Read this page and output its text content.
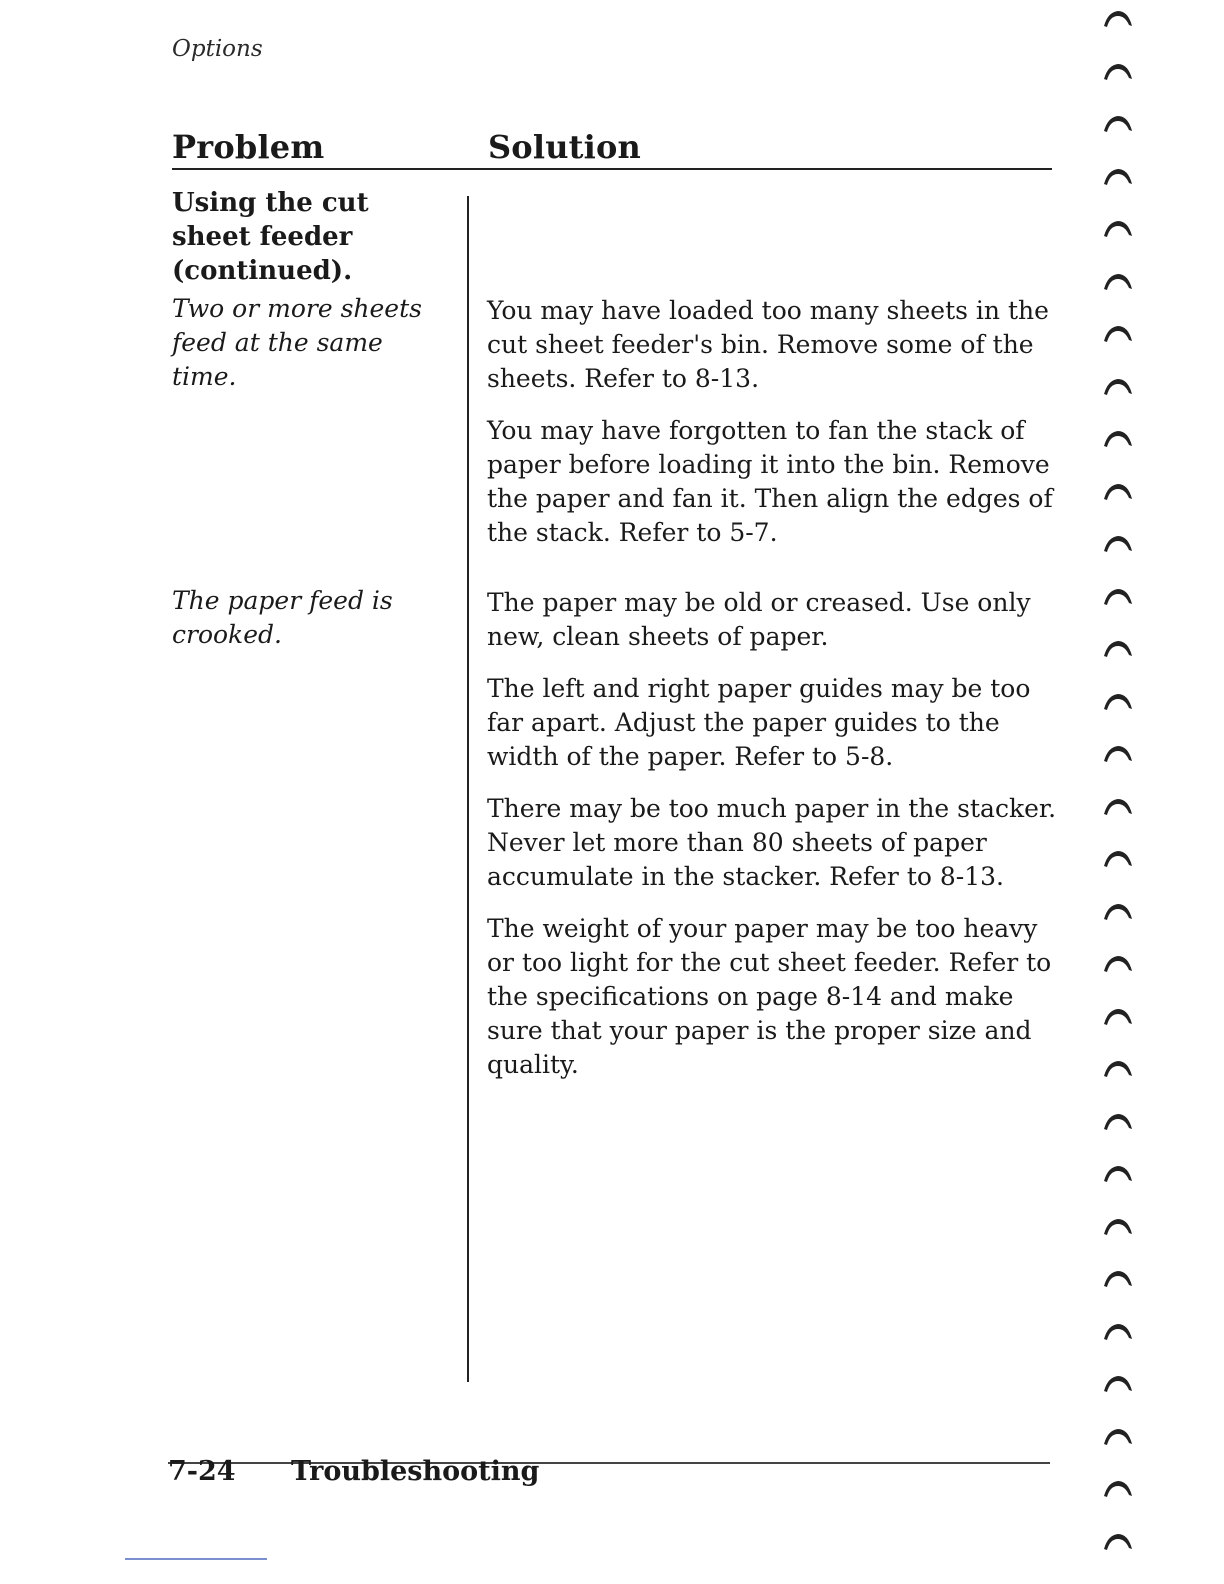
Options
Problem	Solution
Using the cut sheet feeder (continued).
Two or more sheets feed at the same time.

You may have loaded too many sheets in the cut sheet feeder's bin. Remove some of the sheets. Refer to 8-13.

You may have forgotten to fan the stack of paper before loading it into the bin. Remove the paper and fan it. Then align the edges of the stack. Refer to 5-7.

The paper feed is crooked.

The paper may be old or creased. Use only new, clean sheets of paper.

The left and right paper guides may be too far apart. Adjust the paper guides to the width of the paper. Refer to 5-8.

There may be too much paper in the stacker. Never let more than 80 sheets of paper accumulate in the stacker. Refer to 8-13.

The weight of your paper may be too heavy or too light for the cut sheet feeder. Refer to the specifications on page 8-14 and make sure that your paper is the proper size and quality.

7-24 Troubleshooting
